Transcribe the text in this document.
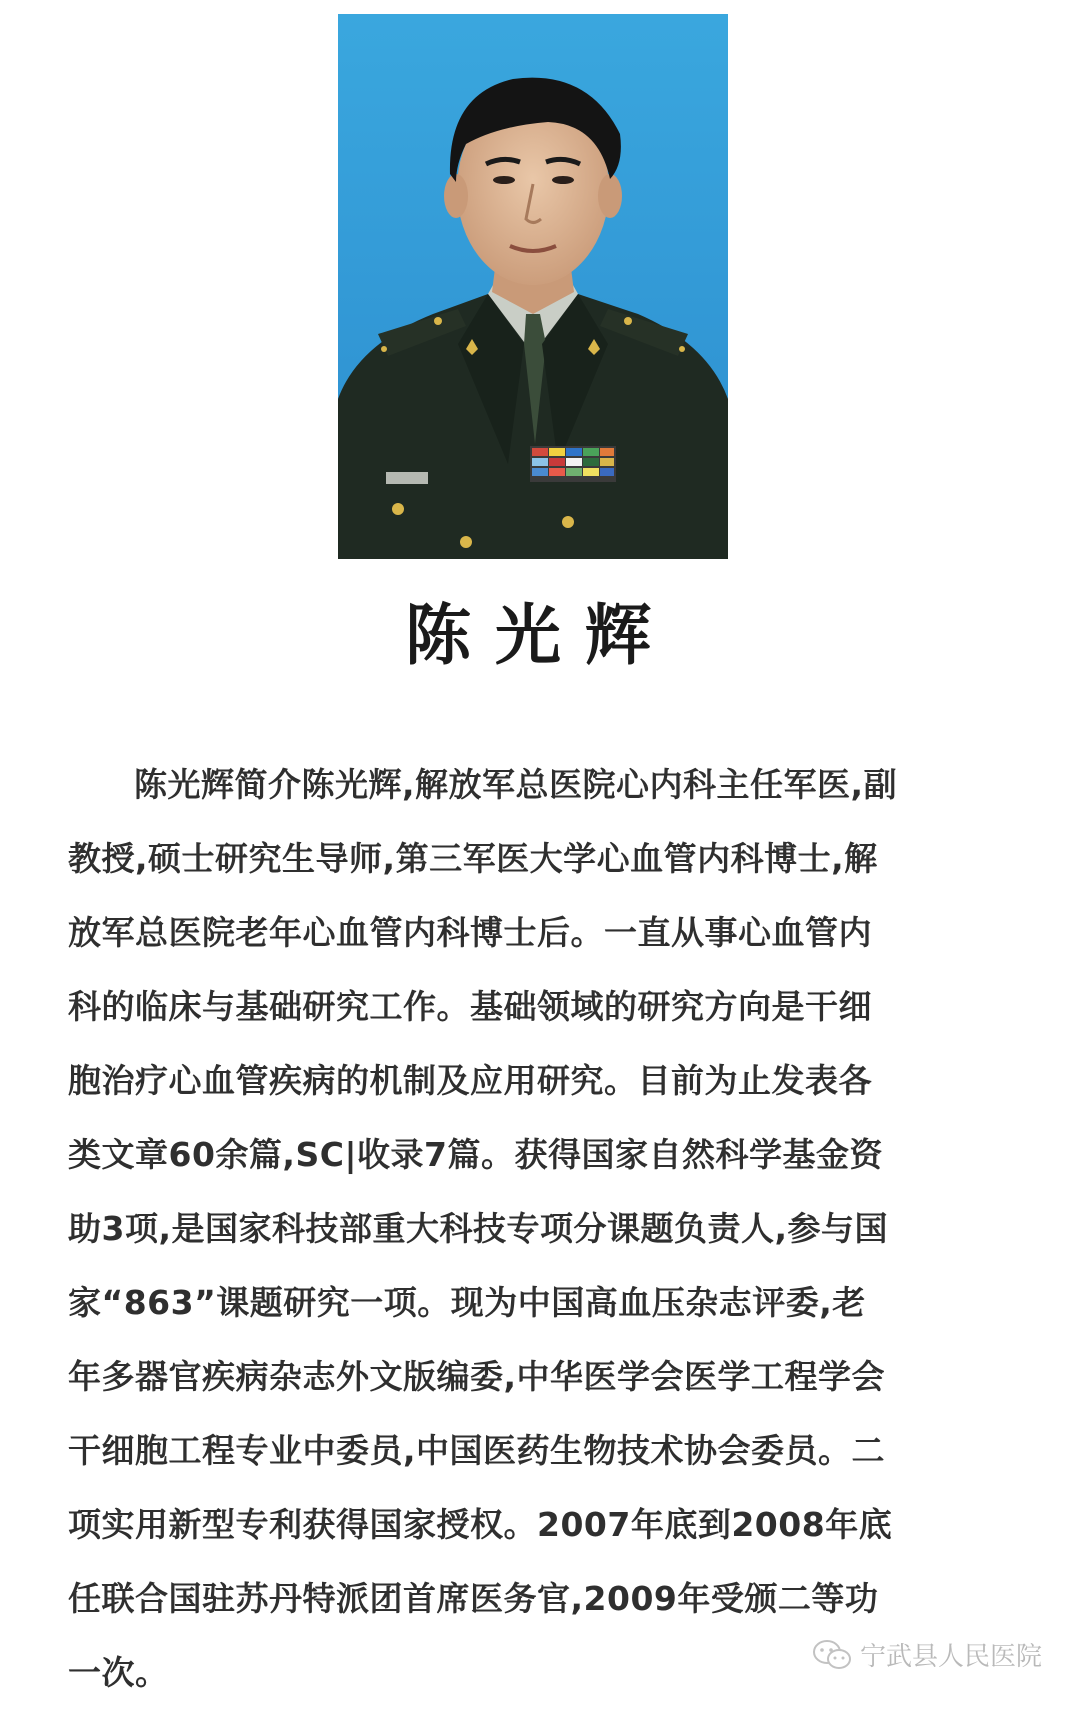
陈光辉
陈光辉简介陈光辉,解放军总医院心内科主任军医,副
教授,硕士研究生导师,第三军医大学心血管内科博士,解
放军总医院老年心血管内科博士后。一直从事心血管内
科的临床与基础研究工作。基础领域的研究方向是干细
胞治疗心血管疾病的机制及应用研究。目前为止发表各
类文章60余篇,SC|收录7篇。获得国家自然科学基金资
助3项,是国家科技部重大科技专项分课题负责人,参与国
家“863”课题研究一项。现为中国高血压杂志评委,老
年多器官疾病杂志外文版编委,中华医学会医学工程学会
干细胞工程专业中委员,中国医药生物技术协会委员。二
项实用新型专利获得国家授权。2007年底到2008年底
任联合国驻苏丹特派团首席医务官,2009年受颁二等功
一次。	宁武县人民医院
